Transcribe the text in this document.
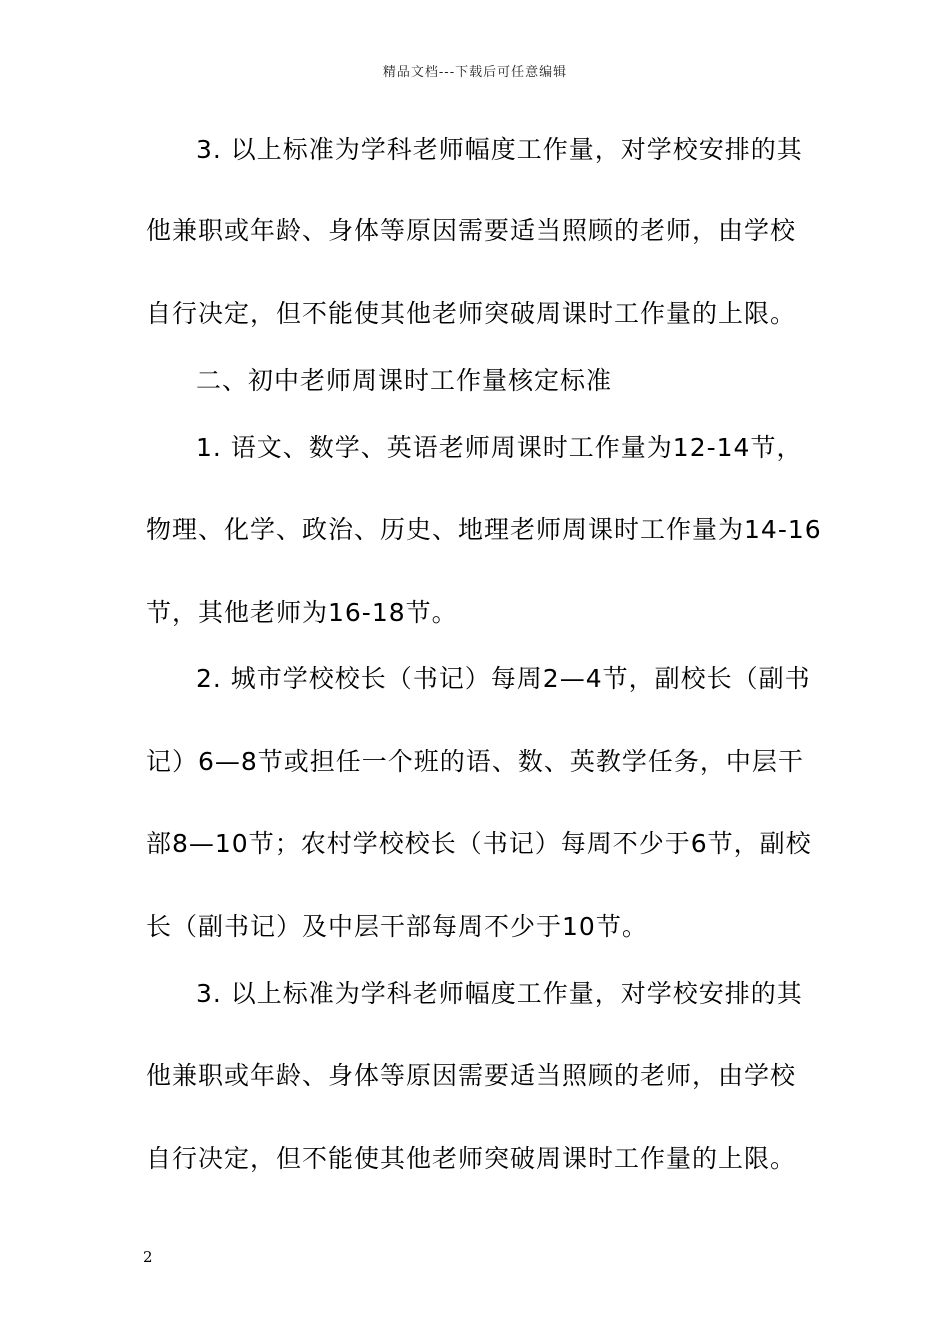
精品文档---下载后可任意编辑
3. 以上标准为学科老师幅度工作量，对学校安排的其
他兼职或年龄、身体等原因需要适当照顾的老师，由学校
自行决定，但不能使其他老师突破周课时工作量的上限。
二、初中老师周课时工作量核定标准
1. 语文、数学、英语老师周课时工作量为12-14节，
物理、化学、政治、历史、地理老师周课时工作量为14-16
节，其他老师为16-18节。
2. 城市学校校长（书记）每周2—4节，副校长（副书
记）6—8节或担任一个班的语、数、英教学任务，中层干
部8—10节；农村学校校长（书记）每周不少于6节，副校
长（副书记）及中层干部每周不少于10节。
3. 以上标准为学科老师幅度工作量，对学校安排的其
他兼职或年龄、身体等原因需要适当照顾的老师，由学校
自行决定，但不能使其他老师突破周课时工作量的上限。
2
